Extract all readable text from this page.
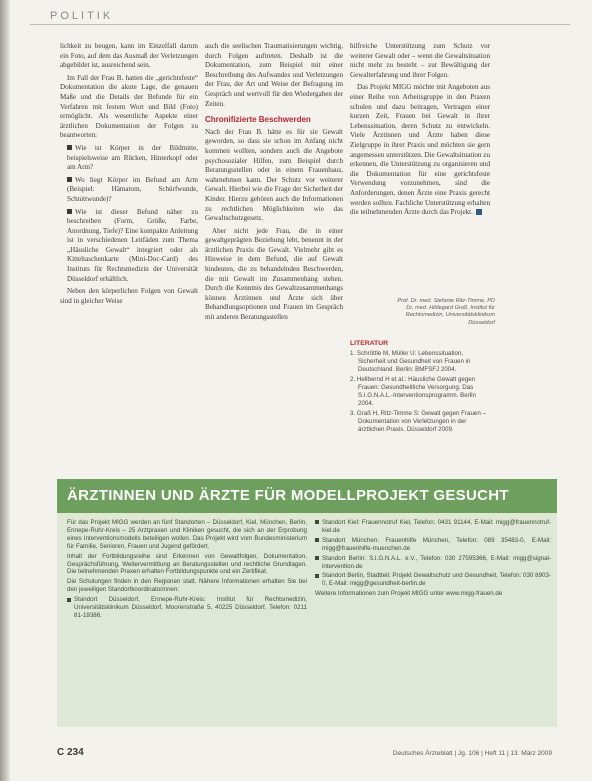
POLITIK

lichkeit zu beugen, kann im Einzelfall darum ein Foto, auf dem das Ausmaß der Verletzungen abgebildet ist, ausreichend sein.

Im Fall der Frau B. hatten die „gerichtsfeste“ Dokumentation die akute Lage, die genauen Maße und die Details der Befunde für ein Verfahren mit festem Wort und Bild (Foto) ermöglicht. Als wesentliche Aspekte einer ärztlichen Dokumentation der Folgen zu beantworten:

Wie ist Körper in der Bildmitte, beispielsweise am Rücken, Hinterkopf oder am Arm?

Wo liegt Körper im Befund am Arm (Beispiel: Hämatom, Schürfwunde, Schnittwunde)?

Wie ist dieser Befund näher zu beschreiben (Form, Größe, Farbe, Anordnung, Tiefe)? Eine kompakte Anleitung ist in verschiedenen Leitfäden zum Thema „Häusliche Gewalt“ integriert oder als Kitteltaschenkarte (Mini-Doc-Card) des Instituts für Rechtsmedizin der Universität Düsseldorf erhältlich.

Neben den körperlichen Folgen von Gewalt sind in gleicher Weise

auch die seelischen Traumatisierungen wichtig, durch Folgen auftreten. Deshalb ist die Dokumentation, zum Beispiel mit einer Beschreibung des Aufwandes und Verletzungen der Frau, der Art und Weise der Befragung im Gespräch und wertvoll für den Wiedergaben der Zeiten.

Chronifizierte Beschwerden

Nach der Frau B. hätte es für sie Gewalt geworden, so dass sie schon im Anfang nicht kommen wollten, sondern auch die Angebote psychosozialer Hilfen, zum Beispiel durch Beratungsstellen oder in einem Frauenhaus, wahrnehmen kann. Der Schutz vor weiterer Gewalt. Hierbei wie die Frage der Sicherheit der Kinder. Hierzu gehören auch die Informationen zu rechtlichen Möglichkeiten wie das Gewaltschutzgesetz.

Aber nicht jede Frau, die in einer gewaltgeprägten Beziehung lebt, benennt in der ärztlichen Praxis die Gewalt. Vielmehr gibt es Hinweise in dem Befund, die auf Gewalt hindeuten, die zu behandelnden Beschwerden, die mit Gewalt im Zusammenhang stehen. Durch die Kenntnis des Gewaltzusammenhangs können Ärztinnen und Ärzte sich über Behandlungsoptionen und Frauen im Gespräch mit anderen Beratungsstellen

hilfreiche Unterstützung zum Schutz vor weiterer Gewalt oder – wenn die Gewaltsituation nicht mehr zu besteht – zur Bewältigung der Gewalterfahrung und ihrer Folgen.

Das Projekt MIGG möchte mit Angeboten aus einer Reihe von Arbeitsgruppe in den Praxen schulen und dazu beitragen, Vertragen einer kurzen Zeit, Frauen bei Gewalt in ihrer Lebenssituation, deren Schutz zu entwickeln. Viele Ärztinnen und Ärzte haben diese Zielgruppe in ihrer Praxis und möchten sie gern angemessen unterstützen. Die Gewaltsituation zu erkennen, die Unterstützung zu organisieren und die Dokumentation für eine gerichtsfeste Verwendung vorzunehmen, sind die Anforderungen, denen Ärzte eine Praxis gerecht werden sollten. Fachliche Unterstützung erhalten die teilnehmenden Ärzte durch das Projekt.

Prof. Dr. med. Stefanie Ritz-Timme, PD Dr. med. Hildegard Graß, Institut für Rechtsmedizin, Universitätsklinikum Düsseldorf
LITERATUR
1. Schröttle M, Müller U: Lebenssituation, Sicherheit und Gesundheit von Frauen in Deutschland. Berlin: BMFSFJ 2004.
2. Hellbernd H et al.: Häusliche Gewalt gegen Frauen: Gesundheitliche Versorgung. Das S.I.G.N.A.L.-Interventionsprogramm. Berlin 2004.
3. Graß H, Ritz-Timme S: Gewalt gegen Frauen – Dokumentation von Verletzungen in der ärztlichen Praxis. Düsseldorf 2009.
ÄRZTINNEN UND ÄRZTE FÜR MODELLPROJEKT GESUCHT

Für das Projekt MIGG werden an fünf Standorten – Düsseldorf, Kiel, München, Berlin, Ennepe-Ruhr-Kreis – 25 Arztpraxen und Kliniken gesucht, die sich an der Erprobung eines Interventionsmodells beteiligen wollen. Das Projekt wird vom Bundesministerium für Familie, Senioren, Frauen und Jugend gefördert.

Inhalt der Fortbildungsreihe sind Erkennen von Gewaltfolgen, Dokumentation, Gesprächsführung, Weitervermittlung an Beratungsstellen und rechtliche Grundlagen. Die teilnehmenden Praxen erhalten Fortbildungspunkte und ein Zertifikat.

Die Schulungen finden in den Regionen statt. Nähere Informationen erhalten Sie bei den jeweiligen Standortkoordinatorinnen:

Standort Düsseldorf, Ennepe-Ruhr-Kreis: Institut für Rechtsmedizin, Universitätsklinikum Düsseldorf, Moorenstraße 5, 40225 Düsseldorf, Telefon: 0211 81-19386.

Standort Kiel: Frauennotruf Kiel, Telefon: 0431 91144, E-Mail: migg@frauennotruf-kiel.de

Standort München: Frauenhilfe München, Telefon: 089 35483-0, E-Mail: migg@frauenhilfe-muenchen.de

Standort Berlin: S.I.G.N.A.L. e.V., Telefon: 030 27595366, E-Mail: migg@signal-intervention.de

Standort Berlin, Stadtteil: Projekt Gewaltschutz und Gesundheit, Telefon: 030 8903-0, E-Mail: migg@gesundheit-berlin.de

Weitere Informationen zum Projekt MIGG unter www.migg-frauen.de

C 234	Deutsches Ärzteblatt | Jg. 106 | Heft 11 | 13. März 2009
